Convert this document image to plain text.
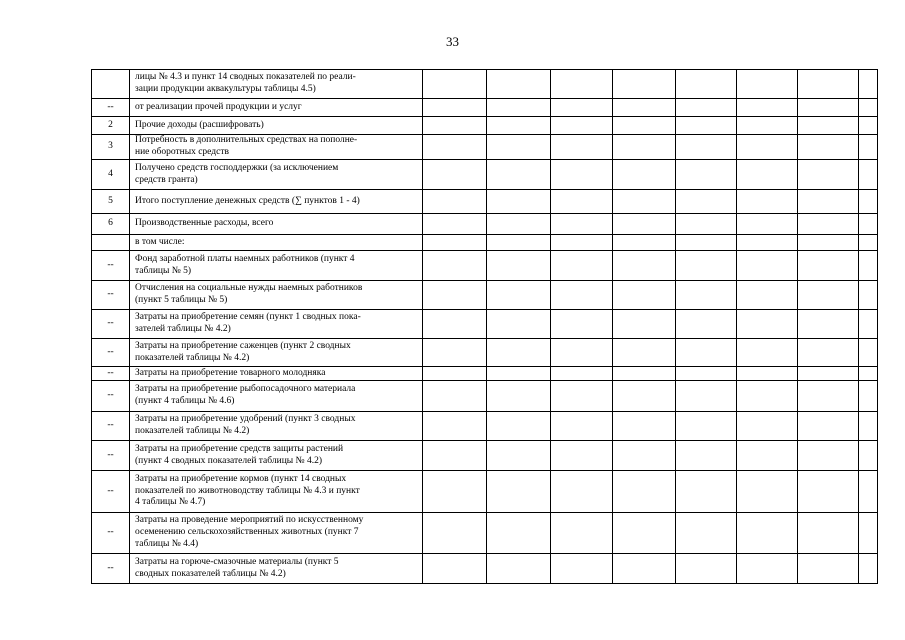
33
	лицы № 4.3 и пункт 14 сводных показателей по реали-
зации продукции аквакультуры таблицы 4.5)								
--	от реализации прочей продукции и услуг								
2	Прочие доходы (расшифровать)								
3	Потребность в дополнительных средствах на пополне-
ние оборотных средств								
4	Получено средств господдержки (за исключением
средств гранта)								
5	Итого поступление денежных средств (∑ пунктов 1 - 4)								
6	Производственные расходы, всего								
	в том числе:								
--	Фонд заработной платы наемных работников (пункт 4
таблицы № 5)								
--	Отчисления на социальные нужды наемных работников
(пункт 5 таблицы № 5)								
--	Затраты на приобретение семян (пункт 1 сводных пока-
зателей таблицы № 4.2)								
--	Затраты на приобретение саженцев (пункт 2 сводных
показателей таблицы № 4.2)								
--	Затраты на приобретение товарного молодняка								
--	Затраты на приобретение рыбопосадочного материала
(пункт 4 таблицы № 4.6)								
--	Затраты на приобретение удобрений (пункт 3 сводных
показателей таблицы № 4.2)								
--	Затраты на приобретение средств защиты растений
(пункт 4 сводных показателей таблицы № 4.2)								
--	Затраты на приобретение кормов (пункт 14 сводных
показателей по животноводству таблицы № 4.3 и пункт
4 таблицы № 4.7)								
--	Затраты на проведение мероприятий по искусственному
осеменению сельскохозяйственных животных (пункт 7
таблицы № 4.4)								
--	Затраты на горюче-смазочные материалы (пункт 5
сводных показателей таблицы № 4.2)								
